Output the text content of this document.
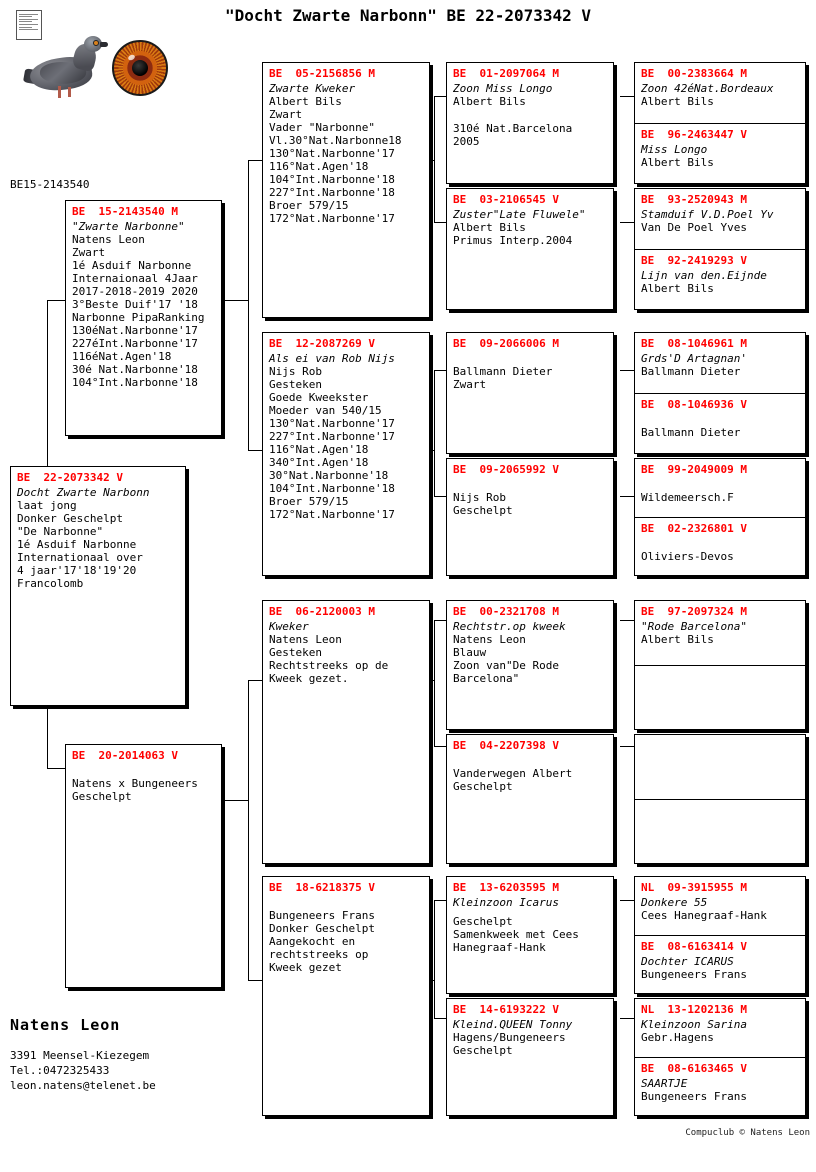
"Docht Zwarte Narbonn" BE 22-2073342 V
BE15-2143540
BE  22-2073342 V
Docht Zwarte Narbonn
laat jong
Donker Geschelpt
"De Narbonne"
1é Asduif Narbonne
Internationaal over
4 jaar'17'18'19'20
Francolomb
BE  15-2143540 M
"Zwarte Narbonne"
Natens Leon
Zwart
1é Asduif Narbonne
Internaionaal 4Jaar
2017-2018-2019 2020
3°Beste Duif'17 '18
Narbonne PipaRanking
130éNat.Narbonne'17
227éInt.Narbonne'17
116éNat.Agen'18
30é Nat.Narbonne'18
104°Int.Narbonne'18
BE  20-2014063 V
Natens x Bungeneers
Geschelpt
BE  05-2156856 M
Zwarte Kweker
Albert Bils
Zwart
Vader "Narbonne"
Vl.30°Nat.Narbonne18
130°Nat.Narbonne'17
116°Nat.Agen'18
104°Int.Narbonne'18
227°Int.Narbonne'18
Broer 579/15
172°Nat.Narbonne'17
BE  12-2087269 V
Als ei van Rob Nijs
Nijs Rob
Gesteken
Goede Kweekster
Moeder van 540/15
130°Nat.Narbonne'17
227°Int.Narbonne'17
116°Nat.Agen'18
340°Int.Agen'18
30°Nat.Narbonne'18
104°Int.Narbonne'18
Broer 579/15
172°Nat.Narbonne'17
BE  06-2120003 M
Kweker
Natens Leon
Gesteken
Rechtstreeks op de
Kweek gezet.
BE  18-6218375 V
Bungeneers Frans
Donker Geschelpt
Aangekocht en
rechtstreeks op
Kweek gezet
BE  01-2097064 M
Zoon Miss Longo
Albert Bils
310é Nat.Barcelona
2005
BE  03-2106545 V
Zuster"Late Fluwele"
Albert Bils
Primus Interp.2004
BE  09-2066006 M
Ballmann Dieter
Zwart
BE  09-2065992 V
Nijs Rob
Geschelpt
BE  00-2321708 M
Rechtstr.op kweek
Natens Leon
Blauw
Zoon van"De Rode
Barcelona"
BE  04-2207398 V
Vanderwegen Albert
Geschelpt
BE  13-6203595 M
Kleinzoon Icarus
Geschelpt
Samenkweek met Cees
Hanegraaf-Hank
BE  14-6193222 V
Kleind.QUEEN Tonny
Hagens/Bungeneers
Geschelpt
BE  00-2383664 M
Zoon 42éNat.Bordeaux
Albert Bils
BE  96-2463447 V
Miss Longo
Albert Bils
BE  93-2520943 M
Stamduif V.D.Poel Yv
Van De Poel Yves
BE  92-2419293 V
Lijn van den.Eijnde
Albert Bils
BE  08-1046961 M
Grds'D Artagnan'
Ballmann Dieter
BE  08-1046936 V
Ballmann Dieter
BE  99-2049009 M
Wildemeersch.F
BE  02-2326801 V
Oliviers-Devos
BE  97-2097324 M
"Rode Barcelona"
Albert Bils
NL  09-3915955 M
Donkere 55
Cees Hanegraaf-Hank
BE  08-6163414 V
Dochter ICARUS
Bungeneers Frans
NL  13-1202136 M
Kleinzoon Sarina
Gebr.Hagens
BE  08-6163465 V
SAARTJE
Bungeneers Frans
Natens Leon
3391 Meensel-Kiezegem
Tel.:0472325433
leon.natens@telenet.be
Compuclub © Natens Leon
